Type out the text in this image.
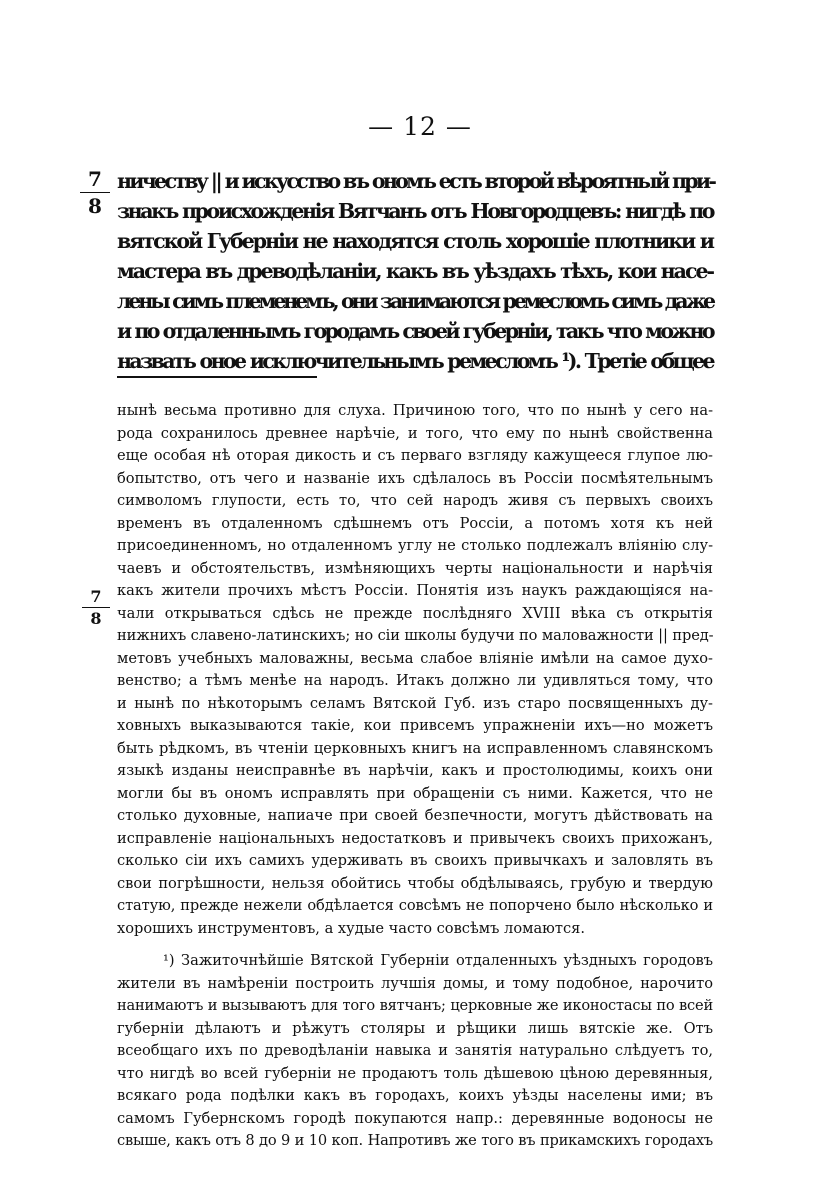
— 12 —
7
8
ничеству || и искусство въ ономъ есть второй вѣроятный при-
знакъ происхожденія Вятчанъ отъ Новгородцевъ: нигдѣ по
вятской Губерніи не находятся столь хорошіе плотники и
мастера въ древодѣланіи, какъ въ уѣздахъ тѣхъ, кои насе-
лены симъ племенемъ, они занимаются ремесломъ симъ даже
и по отдаленнымъ городамъ своей губерніи, такъ что можно
назвать оное исключительнымъ ремесломъ ¹). Третіе общее
7
8
нынѣ весьма противно для слуха. Причиною того, что по нынѣ у сего на-
рода сохранилось древнее нарѣчіе, и того, что ему по нынѣ свойственна
еще особая нѣ оторая дикость и съ перваго взгляду кажущееся глупое лю-
бопытство, отъ чего и названіе ихъ сдѣлалось въ Россіи посмѣятельнымъ
символомъ глупости, есть то, что сей народъ живя съ первыхъ своихъ
временъ въ отдаленномъ сдѣшнемъ отъ Россіи, а потомъ хотя къ ней
присоединенномъ, но отдаленномъ углу не столько подлежалъ вліянію слу-
чаевъ и обстоятельствъ, измѣняющихъ черты національности и нарѣчія
какъ жители прочихъ мѣстъ Россіи. Понятія изъ наукъ раждающіяся на-
чали открываться сдѣсь не прежде послѣдняго XVIII вѣка съ открытія
нижнихъ славено-латинскихъ; но сіи школы будучи по маловажности || пред-
метовъ учебныхъ маловажны, весьма слабое вліяніе имѣли на самое духо-
венство; а тѣмъ менѣе на народъ. Итакъ должно ли удивляться тому, что
и нынѣ по нѣкоторымъ селамъ Вятской Губ. изъ старо посвященныхъ ду-
ховныхъ выказываются такіе, кои привсемъ упражненіи ихъ—но можетъ
быть рѣдкомъ, въ чтеніи церковныхъ книгъ на исправленномъ славянскомъ
языкѣ изданы неисправнѣе въ нарѣчіи, какъ и простолюдимы, коихъ они
могли бы въ ономъ исправлять при обращеніи съ ними. Кажется, что не
столько духовные, напиаче при своей безпечности, могутъ дѣйствовать на
исправленіе національныхъ недостатковъ и привычекъ своихъ прихожанъ,
сколько сіи ихъ самихъ удерживать въ своихъ привычкахъ и заловлять въ
свои погрѣшности, нельзя обойтись чтобы обдѣлываясь, грубую и твердую
статую, прежде нежели обдѣлается совсѣмъ не попорчено было нѣсколько и
хорошихъ инструментовъ, а худые часто совсѣмъ ломаются.
¹) Зажиточнѣйшіе Вятской Губерніи отдаленныхъ уѣздныхъ городовъ
жители въ намѣреніи построить лучшія домы, и тому подобное, нарочито
нанимаютъ и вызываютъ для того вятчанъ; церковные же иконостасы по всей
губерніи дѣлаютъ и рѣжутъ столяры и рѣщики лишь вятскіе же. Отъ
всеобщаго ихъ по древодѣланіи навыка и занятія натурально слѣдуетъ то,
что нигдѣ во всей губерніи не продаютъ толь дѣшевою цѣною деревянныя,
всякаго рода подѣлки какъ въ городахъ, коихъ уѣзды населены ими; въ
самомъ Губернскомъ городѣ покупаются напр.: деревянные водоносы не
свыше, какъ отъ 8 до 9 и 10 коп. Напротивъ же того въ прикамскихъ городахъ
